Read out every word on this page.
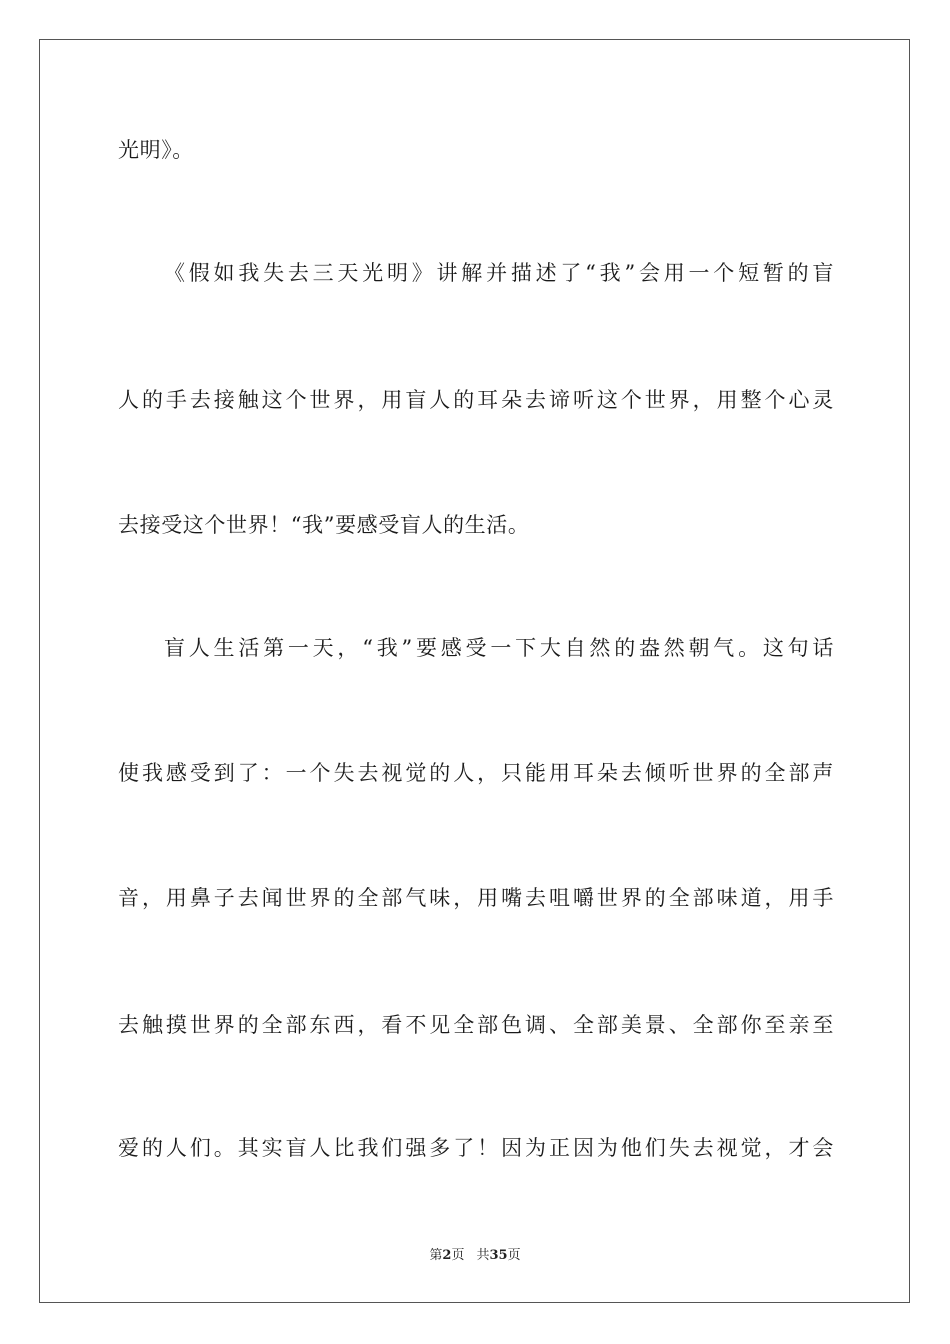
光明》。
《假如我失去三天光明》讲解并描述了“我”会用一个短暂的盲
人的手去接触这个世界，用盲人的耳朵去谛听这个世界，用整个心灵
去接受这个世界！“我”要感受盲人的生活。
盲人生活第一天，“我”要感受一下大自然的盎然朝气。这句话
使我感受到了：一个失去视觉的人，只能用耳朵去倾听世界的全部声
音，用鼻子去闻世界的全部气味，用嘴去咀嚼世界的全部味道，用手
去触摸世界的全部东西，看不见全部色调、全部美景、全部你至亲至
爱的人们。其实盲人比我们强多了！因为正因为他们失去视觉，才会
第2页 共35页
